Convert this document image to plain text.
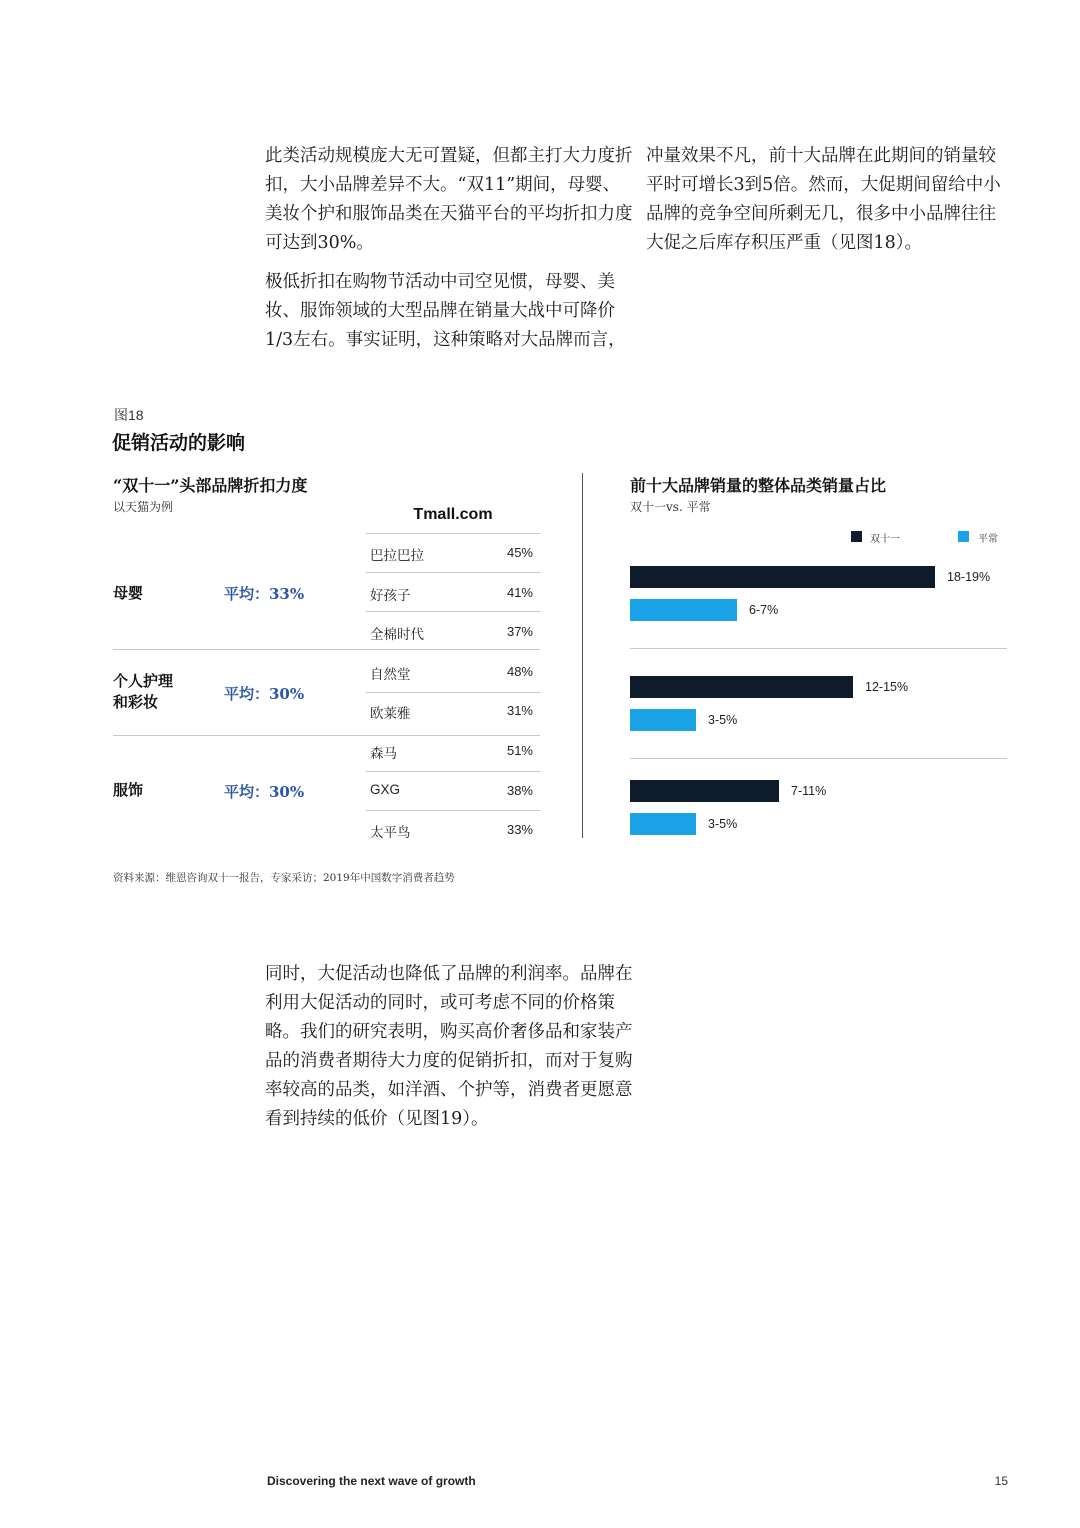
此类活动规模庞大无可置疑，但都主打大力度折扣，大小品牌差异不大。“双11”期间，母婴、美妆个护和服饰品类在天猫平台的平均折扣力度可达到30%。

极低折扣在购物节活动中司空见惯，母婴、美妆、服饰领域的大型品牌在销量大战中可降价1/3左右。事实证明，这种策略对大品牌而言，

冲量效果不凡，前十大品牌在此期间的销量较平时可增长3到5倍。然而，大促期间留给中小品牌的竞争空间所剩无几，很多中小品牌往往大促之后库存积压严重（见图18）。

图18
促销活动的影响
“双十一”头部品牌折扣力度
以天猫为例	Tmall.com
母婴	平均：33%
巴拉巴拉	45%
好孩子	41%
全棉时代	37%
个人护理和彩妆	平均：30%
自然堂	48%
欧莱雅	31%
服饰	平均：30%
森马	51%
GXG	38%
太平鸟	33%
前十大品牌销量的整体品类销量占比
双十一vs. 平常
双十一	平常
18-19%
6-7%
12-15%
3-5%
7-11%
3-5%
资料来源：维恩咨询双十一报告，专家采访；2019年中国数字消费者趋势

同时，大促活动也降低了品牌的利润率。品牌在利用大促活动的同时，或可考虑不同的价格策略。我们的研究表明，购买高价奢侈品和家装产品的消费者期待大力度的促销折扣，而对于复购率较高的品类，如洋酒、个护等，消费者更愿意看到持续的低价（见图19）。

Discovering the next wave of growth	15
